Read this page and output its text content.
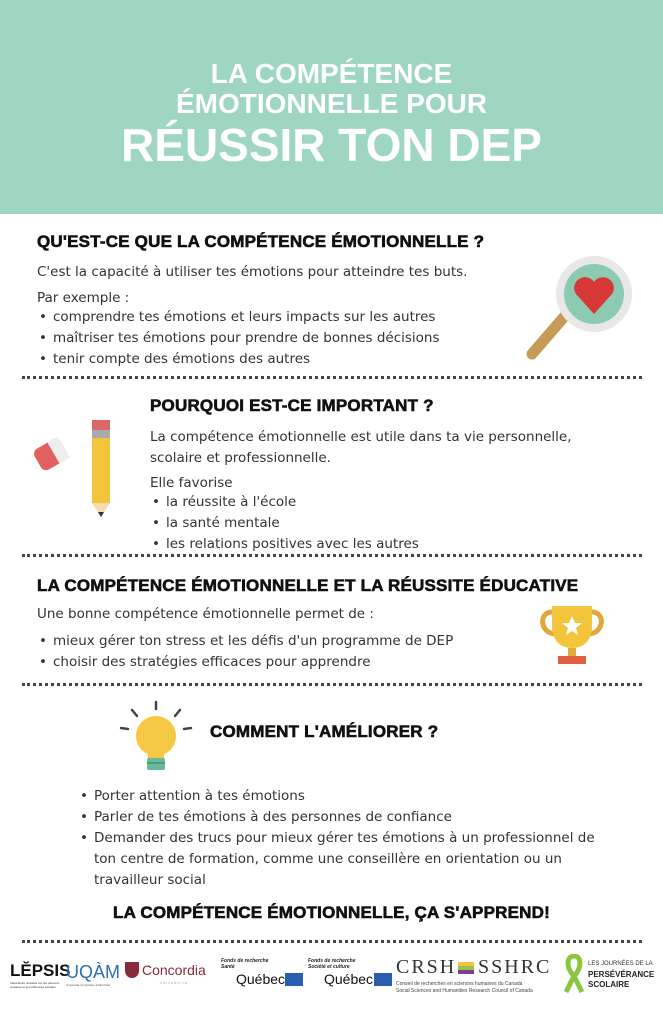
LA COMPÉTENCE
ÉMOTIONNELLE POUR
RÉUSSIR TON DEP
QU'EST-CE QUE LA COMPÉTENCE ÉMOTIONNELLE ?
C'est la capacité à utiliser tes émotions pour atteindre tes buts.
Par exemple :
• comprendre tes émotions et leurs impacts sur les autres
• maîtriser tes émotions pour prendre de bonnes décisions
• tenir compte des émotions des autres
POURQUOI EST-CE IMPORTANT ?
La compétence émotionnelle est utile dans ta vie personnelle, scolaire et professionnelle.
Elle favorise
• la réussite à l'école
• la santé mentale
• les relations positives avec les autres
LA COMPÉTENCE ÉMOTIONNELLE ET LA RÉUSSITE ÉDUCATIVE
Une bonne compétence émotionnelle permet de :
• mieux gérer ton stress et les défis d'un programme de DEP
• choisir des stratégies efficaces pour apprendre
COMMENT L'AMÉLIORER ?
• Porter attention à tes émotions
• Parler de tes émotions à des personnes de confiance
• Demander des trucs pour mieux gérer tes émotions à un professionnel de ton centre de formation, comme une conseillère en orientation ou un travailleur social
LA COMPÉTENCE ÉMOTIONNELLE, ÇA S'APPREND!
LĔPSIS
Laboratoire d'études sur les parcours scolaires et les influences sociales
UQÀM
Université du Québec à Montréal
Concordia
UNIVERSITÉ
Fonds de recherche Santé
Québec
Fonds de recherche Société et culture
Québec
CRSH SSHRC
Conseil de recherches en sciences humaines du Canada
Social Sciences and Humanities Research Council of Canada
LES JOURNÉES DE LA
PERSÉVÉRANCE
SCOLAIRE
